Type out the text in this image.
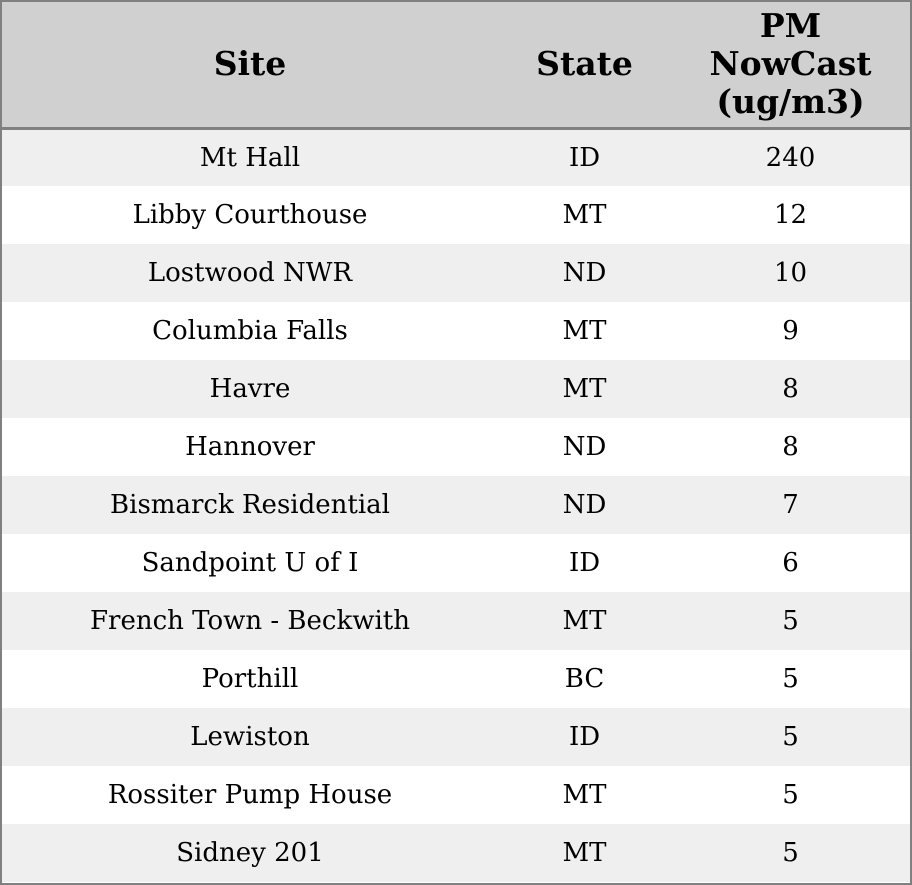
Site	State	PM NowCast (ug/m3)
Mt Hall	ID	240
Libby Courthouse	MT	12
Lostwood NWR	ND	10
Columbia Falls	MT	9
Havre	MT	8
Hannover	ND	8
Bismarck Residential	ND	7
Sandpoint U of I	ID	6
French Town - Beckwith	MT	5
Porthill	BC	5
Lewiston	ID	5
Rossiter Pump House	MT	5
Sidney 201	MT	5
